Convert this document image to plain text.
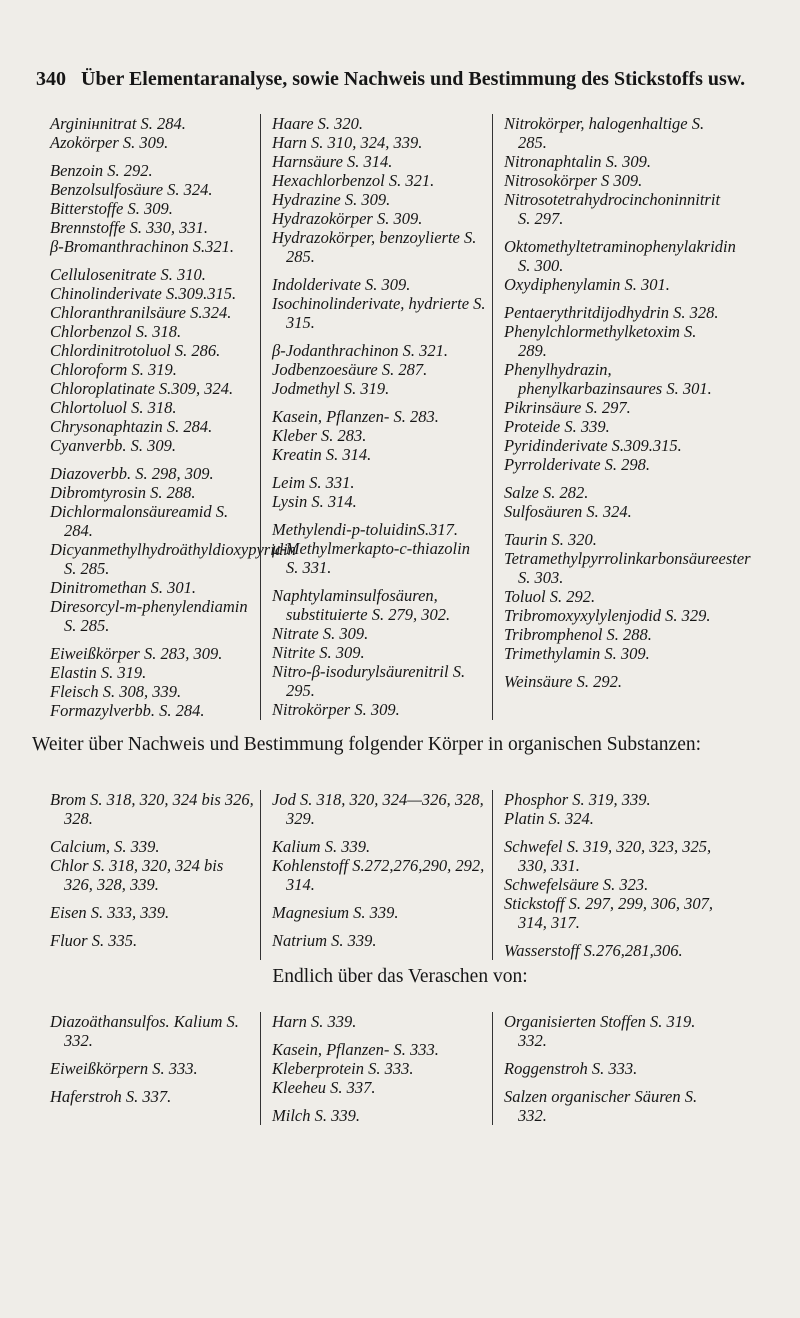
340 Über Elementaranalyse, sowie Nachweis und Bestimmung des Stickstoffs usw.
Arginінnitrat S. 284.
Azokörper S. 309.
Benzoin S. 292.
Benzolsulfosäure S. 324.
Bitterstoffe S. 309.
Brennstoffe S. 330, 331.
β-Bromanthrachinon S.321.
Cellulosenitrate S. 310.
Chinolinderivate S.309.315.
Chloranthranilsäure S.324.
Chlorbenzol S. 318.
Chlordinitrotoluol S. 286.
Chloroform S. 319.
Chloroplatinate S.309, 324.
Chlortoluol S. 318.
Chrysonaphtazin S. 284.
Cyanverbb. S. 309.
Diazoverbb. S. 298, 309.
Dibromtyrosin S. 288.
Dichlormalonsäureamid S. 284.
Dicyanmethylhydroäthyldioxypyridin S. 285.
Dinitromethan S. 301.
Diresorcyl-m-phenylendiamin S. 285.
Eiweißkörper S. 283, 309.
Elastin S. 319.
Fleisch S. 308, 339.
Formazylverbb. S. 284.
Haare S. 320.
Harn S. 310, 324, 339.
Harnsäure S. 314.
Hexachlorbenzol S. 321.
Hydrazine S. 309.
Hydrazokörper S. 309.
Hydrazokörper, benzoylierte S. 285.
Indolderivate S. 309.
Isochinolinderivate, hydrierte S. 315.
β-Jodanthrachinon S. 321.
Jodbenzoesäure S. 287.
Jodmethyl S. 319.
Kasein, Pflanzen- S. 283.
Kleber S. 283.
Kreatin S. 314.
Leim S. 331.
Lysin S. 314.
Methylendi-p-toluidinS.317.
μ-Methylmerkapto-c-thiazolin S. 331.
Naphtylaminsulfosäuren, substituierte S. 279, 302.
Nitrate S. 309.
Nitrite S. 309.
Nitro-β-isodurylsäurenitril S. 295.
Nitrokörper S. 309.
Nitrokörper, halogenhaltige S. 285.
Nitronaphtalin S. 309.
Nitrosokörper S 309.
Nitrosotetrahydrocinchoninnitrit S. 297.
Oktomethyltetraminophenylakridin S. 300.
Oxydiphenylamin S. 301.
Pentaerythritdijodhydrin S. 328.
Phenylchlormethylketoxim S. 289.
Phenylhydrazin, phenylkarbazinsaures S. 301.
Pikrinsäure S. 297.
Proteide S. 339.
Pyridinderivate S.309.315.
Pyrrolderivate S. 298.
Salze S. 282.
Sulfosäuren S. 324.
Taurin S. 320.
Tetramethylpyrrolinkarbonsäureester S. 303.
Toluol S. 292.
Tribromoxyxylylenjodid S. 329.
Tribromphenol S. 288.
Trimethylamin S. 309.
Weinsäure S. 292.
Weiter über Nachweis und Bestimmung folgender Körper in organischen Substanzen:
Brom S. 318, 320, 324 bis 326, 328.
Calcium, S. 339.
Chlor S. 318, 320, 324 bis 326, 328, 339.
Eisen S. 333, 339.
Fluor S. 335.
Jod S. 318, 320, 324—326, 328, 329.
Kalium S. 339.
Kohlenstoff S.272,276,290, 292, 314.
Magnesium S. 339.
Natrium S. 339.
Phosphor S. 319, 339.
Platin S. 324.
Schwefel S. 319, 320, 323, 325, 330, 331.
Schwefelsäure S. 323.
Stickstoff S. 297, 299, 306, 307, 314, 317.
Wasserstoff S.276,281,306.
Endlich über das Veraschen von:
Diazoäthansulfos. Kalium S. 332.
Eiweißkörpern S. 333.
Haferstroh S. 337.
Harn S. 339.
Kasein, Pflanzen- S. 333.
Kleberprotein S. 333.
Kleeheu S. 337.
Milch S. 339.
Organisierten Stoffen S. 319. 332.
Roggenstroh S. 333.
Salzen organischer Säuren S. 332.
